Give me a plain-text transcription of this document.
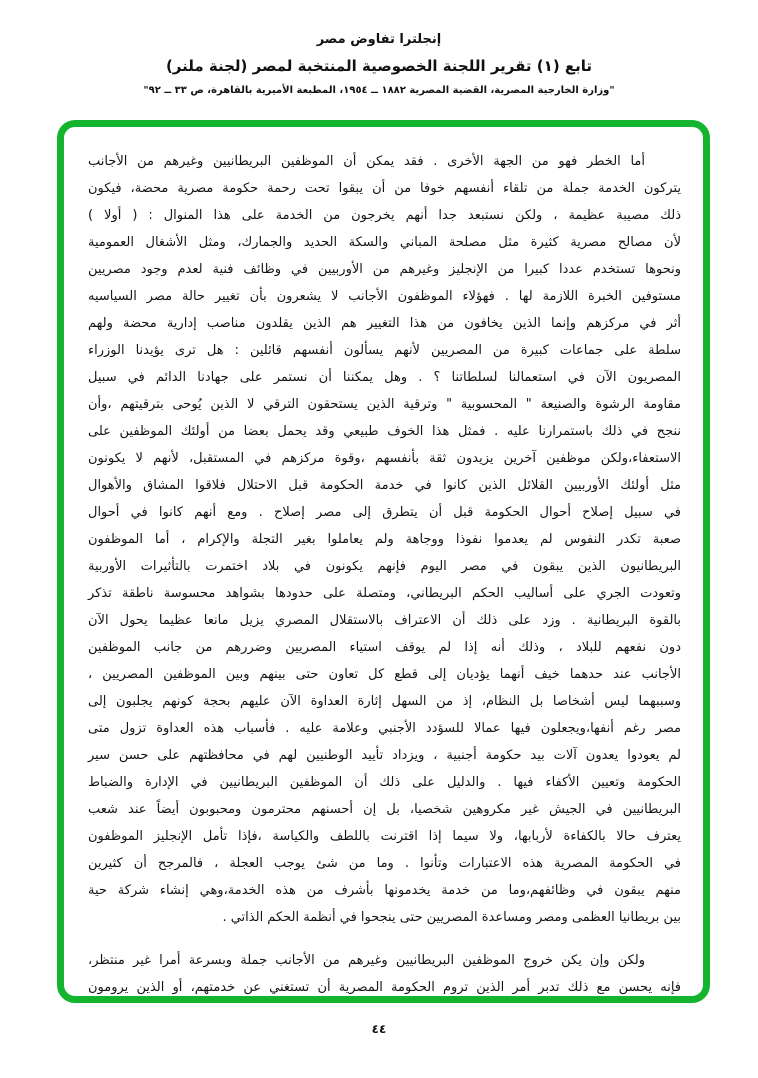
إنجلترا تفاوض مصر
تابع (١) تقرير اللجنة الخصوصية المنتخبة لمصر (لجنة ملنر)
"وزارة الخارجية المصرية، القضية المصرية ١٨٨٢ ــ ١٩٥٤، المطبعة الأميرية بالقاهرة، ص ٣٣ ــ ٩٢"
أما الخطر فهو من الجهة الأخرى . فقد يمكن أن الموظفين البريطانيين وغيرهم من الأجانب
يتركون الخدمة جملة من تلقاء أنفسهم خوفا من أن يبقوا تحت رحمة حكومة مصرية محضة، فيكون
ذلك مصيبة عظيمة ، ولكن نستبعد جدا أنهم يخرجون من الخدمة على هذا المنوال : ( أولا )
لأن مصالح مصرية كثيرة مثل مصلحة المباني والسكة الحديد والجمارك، ومثل الأشغال العمومية
ونحوها تستخدم عددا كبيرا من الإنجليز وغيرهم من الأوربيين في وظائف فنية لعدم وجود مصريين
مستوفين الخبرة اللازمة لها . فهؤلاء الموظفون الأجانب لا يشعرون بأن تغيير حالة مصر السياسيه
أثر في مركزهم وإنما الذين يخافون من هذا التغيير هم الذين يقلدون مناصب إدارية محضة ولهم
سلطة على جماعات كبيرة من المصريين لأنهم يسألون أنفسهم قائلين : هل ترى يؤيدنا الوزراء
المصريون الآن في استعمالنا لسلطاتنا ؟ . وهل يمكننا أن نستمر على جهادنا الدائم في سبيل
مقاومة الرشوة والصنيعة " المحسوبية " وترقية الذين يستحقون الترقي لا الذين يُوحى بترقيتهم ،وأن
ننجح في ذلك باستمرارنا عليه . فمثل هذا الخوف طبيعي وقد يحمل بعضا من أولئك الموظفين على
الاستعفاء،ولكن موظفين آخرين يزيدون ثقة بأنفسهم ،وقوة مركزهم في المستقبل، لأنهم لا يكونون
مثل أولئك الأوربيين القلائل الذين كانوا في خدمة الحكومة قبل الاحتلال فلاقوا المشاق والأهوال
في سبيل إصلاح أحوال الحكومة قبل أن يتطرق إلى مصر إصلاح . ومع أنهم كانوا في أحوال
صعبة تكدر النفوس لم يعدموا نفوذا ووجاهة ولم يعاملوا بغير التجلة والإكرام ، أما الموظفون
البريطانيون الذين يبقون في مصر اليوم فإنهم يكونون في بلاد اختمرت بالتأثيرات الأوربية
وتعودت الجري على أساليب الحكم البريطاني، ومتصلة على حدودها بشواهد محسوسة ناطقة تذكر
بالقوة البريطانية . وزد على ذلك أن الاعتراف بالاستقلال المصري يزيل مانعا عظيما يحول الآن
دون نفعهم للبلاد ، وذلك أنه إذا لم يوقف استياء المصريين وضررهم من جانب الموظفين
الأجانب عند حدهما خيف أنهما يؤديان إلى قطع كل تعاون حتى بينهم وبين الموظفين المصريين ،
وسببهما ليس أشخاصا بل النظام، إذ من السهل إثارة العداوة الآن عليهم بحجة كونهم يجلبون إلى
مصر رغم أنفها،ويجعلون فيها عمالا للسؤدد الأجنبي وعلامة عليه . فأسباب هذه العداوة تزول متى
لم يعودوا يعدون آلات بيد حكومة أجنبية ، ويزداد تأييد الوطنيين لهم في محافظتهم على حسن سير
الحكومة وتعيين الأكفاء فيها . والدليل على ذلك أن الموظفين البريطانيين في الإدارة والضباط
البريطانيين في الجيش غير مكروهين شخصيا، بل إن أحسنهم محترمون ومحبوبون أيضاً عند شعب
يعترف حالا بالكفاءة لأربابها، ولا سيما إذا اقترنت باللطف والكياسة ،فإذا تأمل الإنجليز الموظفون
في الحكومة المصرية هذه الاعتبارات وتأنوا . وما من شئ يوجب العجلة ، فالمرجح أن كثيرين
منهم يبقون في وظائفهم،وما من خدمة يخدمونها بأشرف من هذه الخدمة،وهي إنشاء شركة حية
بين بريطانيا العظمى ومصر ومساعدة المصريين حتى ينجحوا في أنظمة الحكم الذاتي .
ولكن وإن يكن خروج الموظفين البريطانيين وغيرهم من الأجانب جملة وبسرعة أمرا غير منتظر،
فإنه يحسن مع ذلك تدبر أمر الذين تروم الحكومة المصرية أن تستغني عن خدمتهم، أو الذين يرومون
٤٤
